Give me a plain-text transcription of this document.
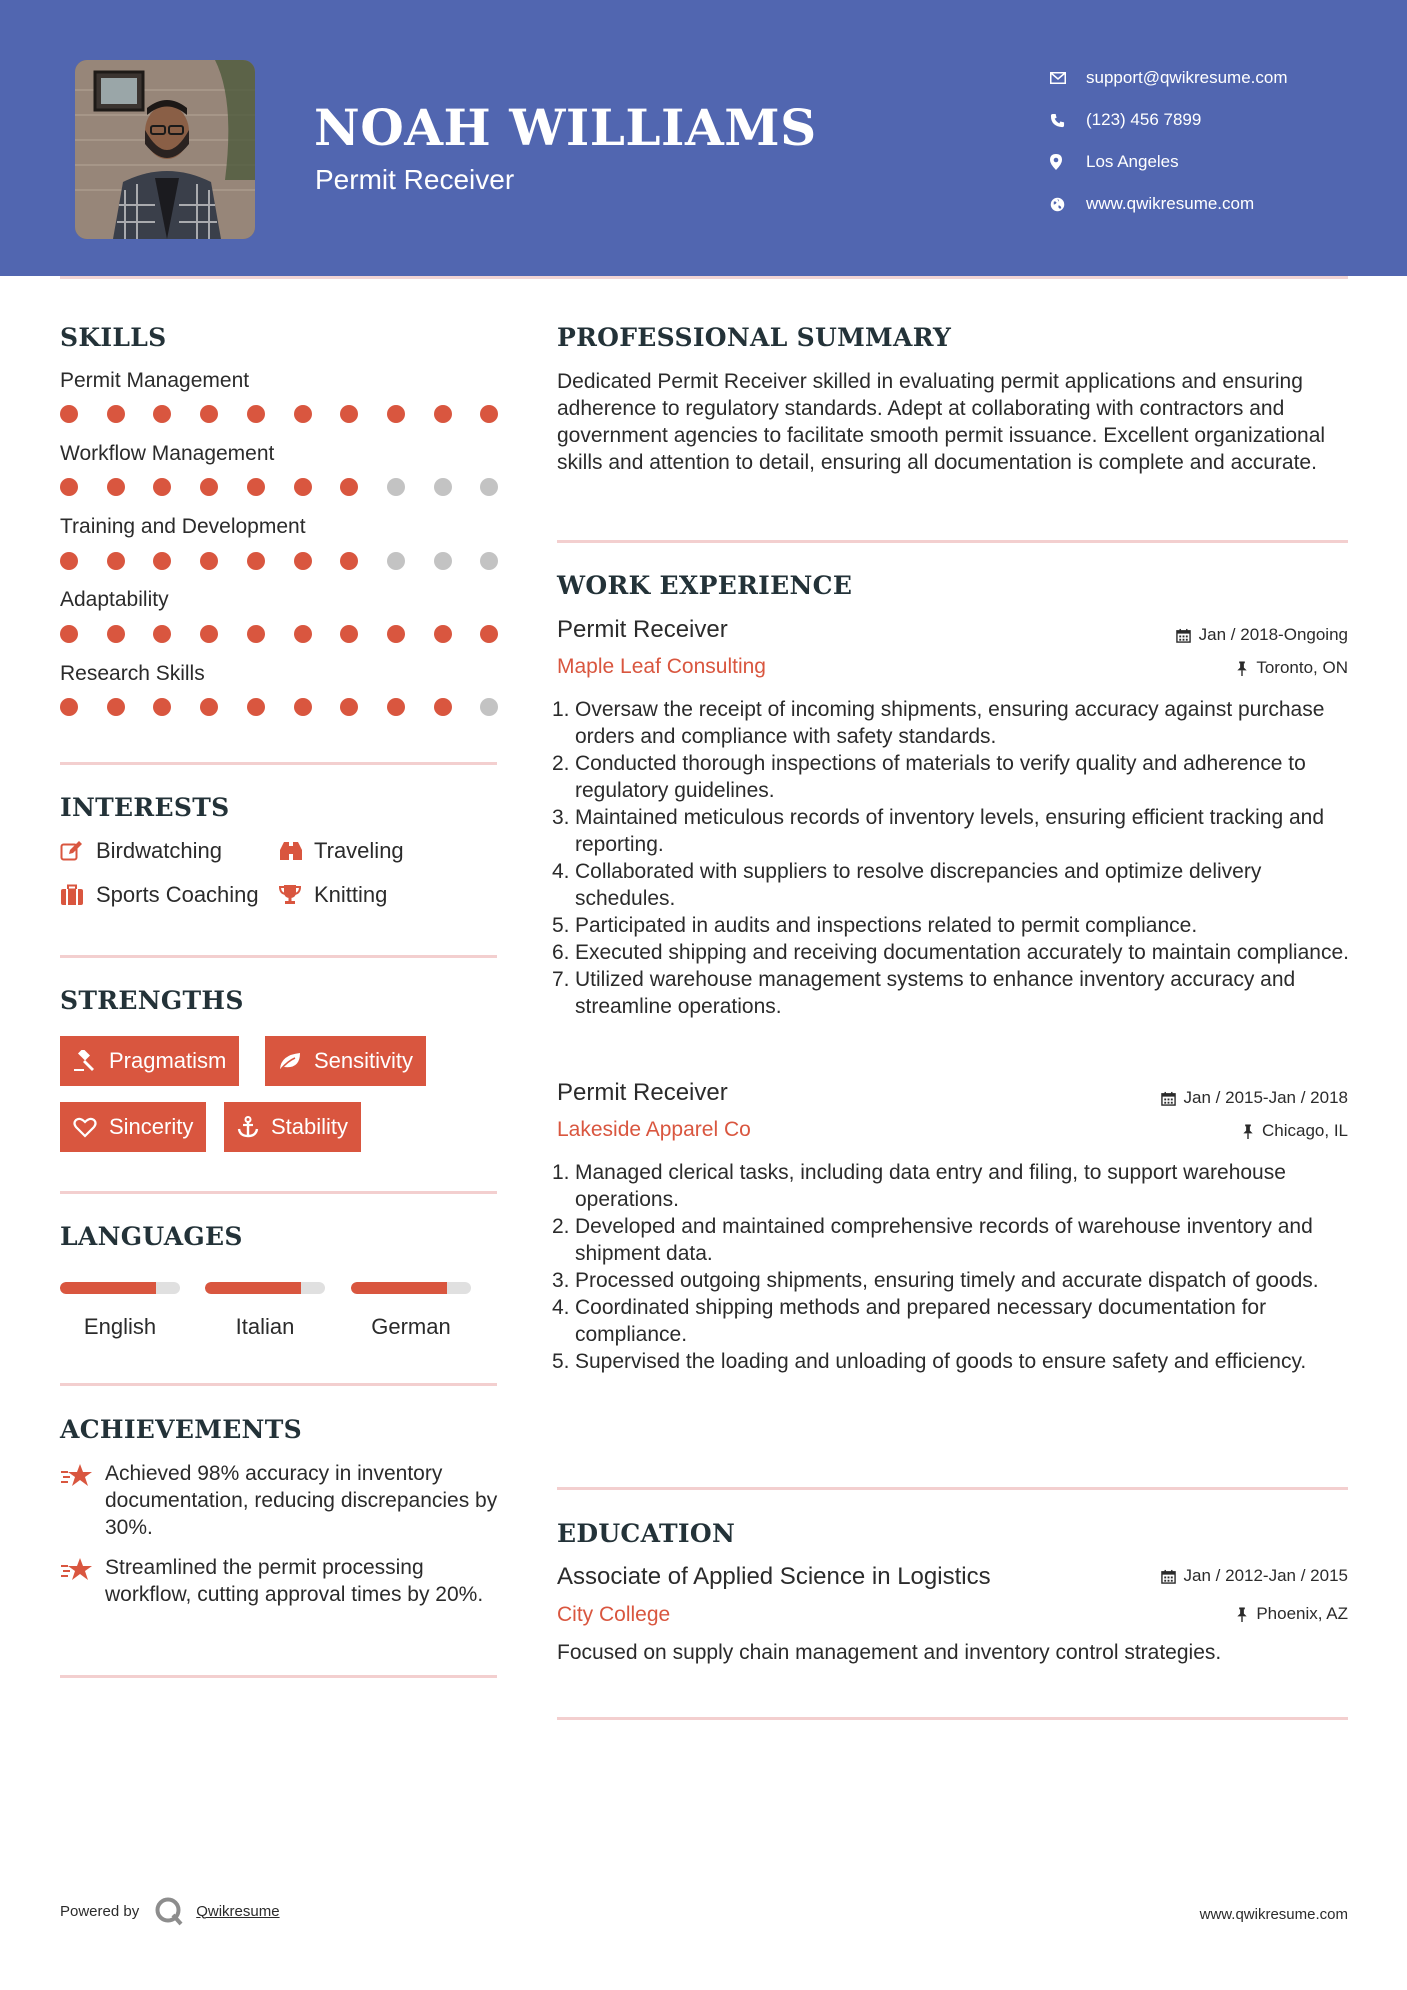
NOAH WILLIAMS
Permit Receiver
support@qwikresume.com
(123) 456 7899
Los Angeles
www.qwikresume.com
SKILLS
Permit Management
Workflow Management
Training and Development
Adaptability
Research Skills
INTERESTS
Birdwatching	Traveling
Sports Coaching	Knitting
STRENGTHS
Pragmatism	Sensitivity
Sincerity	Stability
LANGUAGES
English	Italian	German
ACHIEVEMENTS
Achieved 98% accuracy in inventory documentation, reducing discrepancies by 30%.
Streamlined the permit processing workflow, cutting approval times by 20%.
PROFESSIONAL SUMMARY
Dedicated Permit Receiver skilled in evaluating permit applications and ensuring adherence to regulatory standards. Adept at collaborating with contractors and government agencies to facilitate smooth permit issuance. Excellent organizational skills and attention to detail, ensuring all documentation is complete and accurate.
WORK EXPERIENCE
Permit Receiver	Jan / 2018-Ongoing
Maple Leaf Consulting	Toronto, ON
1. Oversaw the receipt of incoming shipments, ensuring accuracy against purchase orders and compliance with safety standards.
2. Conducted thorough inspections of materials to verify quality and adherence to regulatory guidelines.
3. Maintained meticulous records of inventory levels, ensuring efficient tracking and reporting.
4. Collaborated with suppliers to resolve discrepancies and optimize delivery schedules.
5. Participated in audits and inspections related to permit compliance.
6. Executed shipping and receiving documentation accurately to maintain compliance.
7. Utilized warehouse management systems to enhance inventory accuracy and streamline operations.
Permit Receiver	Jan / 2015-Jan / 2018
Lakeside Apparel Co	Chicago, IL
1. Managed clerical tasks, including data entry and filing, to support warehouse operations.
2. Developed and maintained comprehensive records of warehouse inventory and shipment data.
3. Processed outgoing shipments, ensuring timely and accurate dispatch of goods.
4. Coordinated shipping methods and prepared necessary documentation for compliance.
5. Supervised the loading and unloading of goods to ensure safety and efficiency.
EDUCATION
Associate of Applied Science in Logistics	Jan / 2012-Jan / 2015
City College	Phoenix, AZ
Focused on supply chain management and inventory control strategies.
Powered by	Qwikresume	www.qwikresume.com
